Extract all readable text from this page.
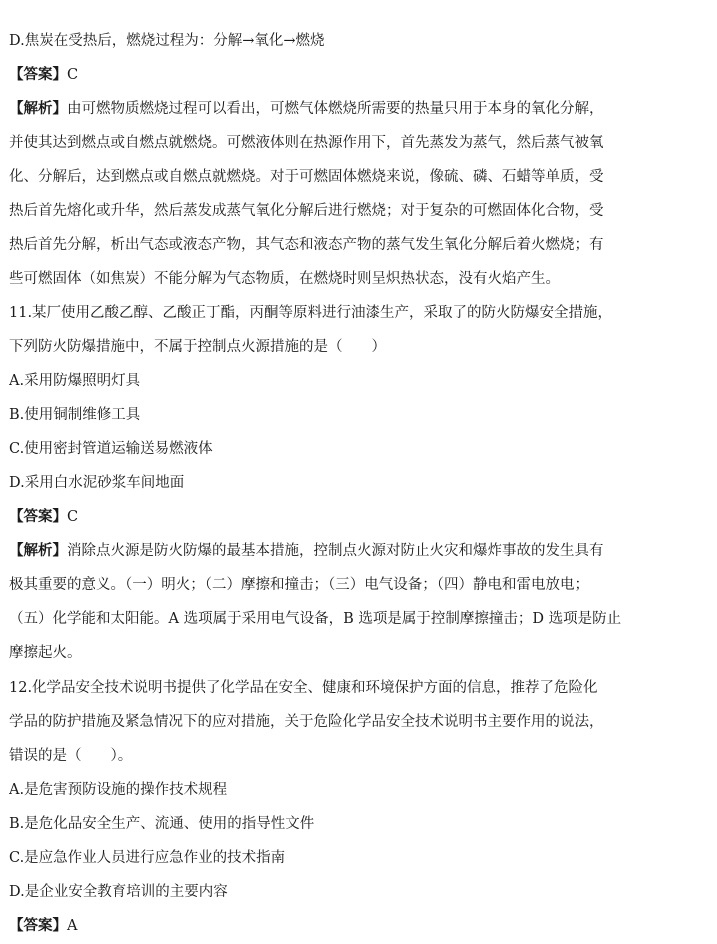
D.焦炭在受热后，燃烧过程为：分解→氧化→燃烧
【答案】C
【解析】由可燃物质燃烧过程可以看出，可燃气体燃烧所需要的热量只用于本身的氧化分解，
并使其达到燃点或自燃点就燃烧。可燃液体则在热源作用下，首先蒸发为蒸气，然后蒸气被氧
化、分解后，达到燃点或自燃点就燃烧。对于可燃固体燃烧来说，像硫、磷、石蜡等单质，受
热后首先熔化或升华，然后蒸发成蒸气氧化分解后进行燃烧；对于复杂的可燃固体化合物，受
热后首先分解，析出气态或液态产物，其气态和液态产物的蒸气发生氧化分解后着火燃烧；有
些可燃固体（如焦炭）不能分解为气态物质，在燃烧时则呈炽热状态，没有火焰产生。
11.某厂使用乙酸乙醇、乙酸正丁酯，丙酮等原料进行油漆生产，采取了的防火防爆安全措施，
下列防火防爆措施中，不属于控制点火源措施的是（　　）
A.采用防爆照明灯具
B.使用铜制维修工具
C.使用密封管道运输送易燃液体
D.采用白水泥砂浆车间地面
【答案】C
【解析】消除点火源是防火防爆的最基本措施，控制点火源对防止火灾和爆炸事故的发生具有
极其重要的意义。（一）明火；（二）摩擦和撞击；（三）电气设备；（四）静电和雷电放电；
（五）化学能和太阳能。A 选项属于采用电气设备，B 选项是属于控制摩擦撞击；D 选项是防止
摩擦起火。
12.化学品安全技术说明书提供了化学品在安全、健康和环境保护方面的信息，推荐了危险化
学品的防护措施及紧急情况下的应对措施，关于危险化学品安全技术说明书主要作用的说法，
错误的是（　　）。
A.是危害预防设施的操作技术规程
B.是危化品安全生产、流通、使用的指导性文件
C.是应急作业人员进行应急作业的技术指南
D.是企业安全教育培训的主要内容
【答案】A
